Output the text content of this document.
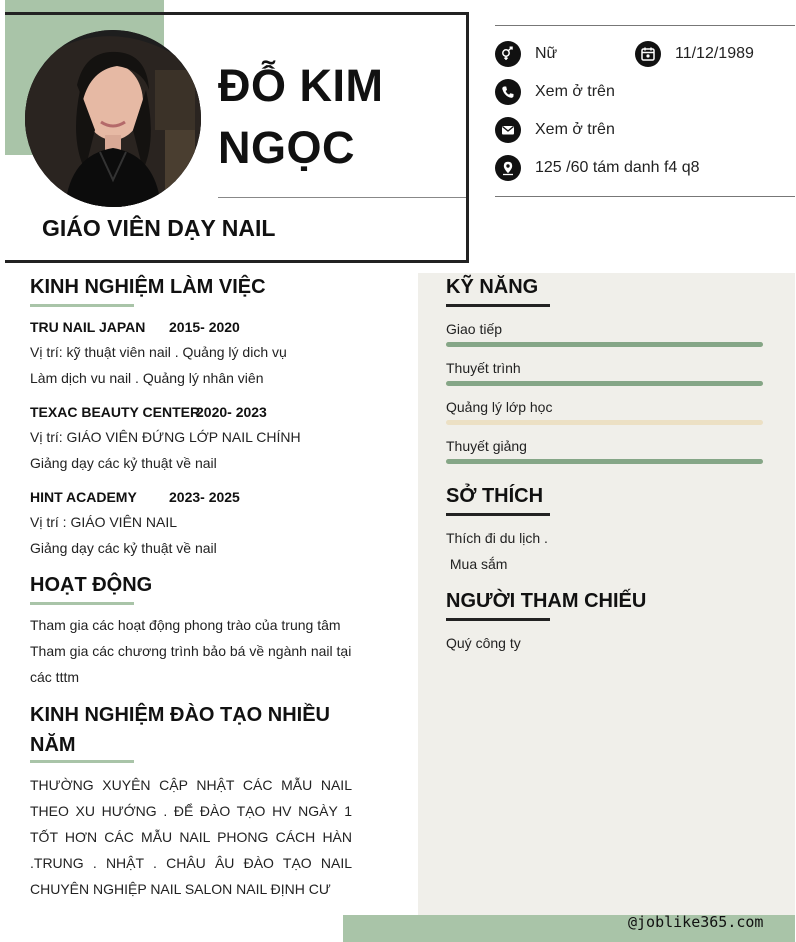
ĐỖ KIM NGỌC
GIÁO VIÊN DẠY NAIL
Nữ	11/12/1989
Xem ở trên
Xem ở trên
125 /60 tám danh f4 q8
KINH NGHIỆM LÀM VIỆC
TRU NAIL JAPAN 2015- 2020
Vị trí: kỹ thuật viên nail . Quảng lý dich vụ
Làm dịch vu nail . Quảng lý nhân viên
TEXAC BEAUTY CENTER
2020- 2023
Vị trí: GIÁO VIÊN ĐỨNG LỚP NAIL CHÍNH
Giảng dạy các kỷ thuật về nail
HINT ACADEMY 2023- 2025
Vị trí : GIÁO VIÊN NAIL
Giảng dạy các kỷ thuật về nail
HOẠT ĐỘNG
Tham gia các hoạt động phong trào của trung tâm Tham gia các chương trình bảo bá về ngành nail tại các tttm
KINH NGHIỆM ĐÀO TẠO NHIỀU NĂM
THƯỜNG XUYÊN CẬP NHẬT CÁC MẪU NAIL THEO XU HƯỚNG . ĐỂ ĐÀO TẠO HV NGÀY 1 TỐT HƠN CÁC MẪU NAIL PHONG CÁCH HÀN .TRUNG . NHẬT . CHÂU ÂU ĐÀO TẠO NAIL CHUYÊN NGHIỆP NAIL SALON NAIL ĐỊNH CƯ
KỸ NĂNG
Giao tiếp
Thuyết trình
Quảng lý lớp học
Thuyết giảng
SỞ THÍCH
Thích đi du lịch .
Mua sắm
NGƯỜI THAM CHIẾU
Quý công ty
@joblike365.com
